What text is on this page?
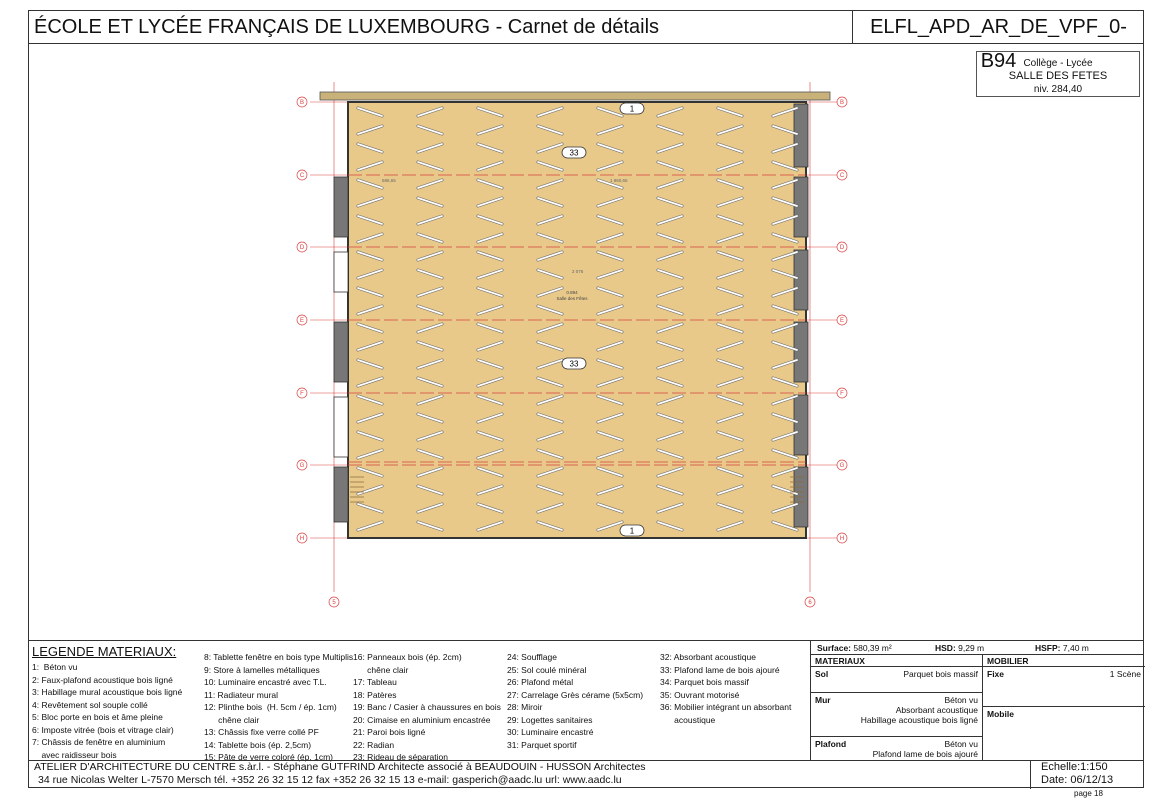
ÉCOLE ET LYCÉE FRANÇAIS DE LUXEMBOURG - Carnet de détails	ELFL_APD_AR_DE_VPF_0-B94 Collège - Lycée
SALLE DES FETES
niv. 284,40
586,65	1 860,65
2 076
0.894
Salle des Fêtes
1
33
33
1
B	B
C	C
D	D
E	E
F	F
G	G
H	H
5	6
LEGENDE MATERIAUX:
1:  Béton vu
2: Faux-plafond acoustique bois ligné
3: Habillage mural acoustique bois ligné
4: Revêtement sol souple collé
5: Bloc porte en bois et âme pleine
6: Imposte vitrée (bois et vitrage clair)
7: Châssis de fenêtre en aluminium
avec raidisseur bois
8: Tablette fenêtre en bois type Multiplis
9: Store à lamelles métalliques
10: Luminaire encastré avec T.L.
11: Radiateur mural
12: Plinthe bois  (H. 5cm / ép. 1cm)
chêne clair
13: Châssis fixe verre collé PF
14: Tablette bois (ép. 2,5cm)
15: Pâte de verre coloré (ép. 1cm)
16: Panneaux bois (ép. 2cm)
chêne clair
17: Tableau
18: Patères
19: Banc / Casier à chaussures en bois
20: Cimaise en aluminium encastrée
21: Paroi bois ligné
22: Radian
23: Rideau de séparation
24: Soufflage
25: Sol coulé minéral
26: Plafond métal
27: Carrelage Grès cérame (5x5cm)
28: Miroir
29: Logettes sanitaires
30: Luminaire encastré
31: Parquet sportif
32: Absorbant acoustique
33: Plafond lame de bois ajouré
34: Parquet bois massif
35: Ouvrant motorisé
36: Mobilier intégrant un absorbant
acoustique
Surface: 580,39 m²	HSD: 9,29 m	HSFP: 7,40 m
MATERIAUX
Sol	Parquet bois massif
Mur	Béton vu
Absorbant acoustique
Habillage acoustique bois ligné
Plafond	Béton vu
Plafond lame de bois ajouré
MOBILIER
Fixe	1 Scène
Mobile
ATELIER D'ARCHITECTURE DU CENTRE s.àr.l. - Stéphane GUTFRIND Architecte associé à BEAUDOUIN - HUSSON Architectes
34 rue Nicolas Welter L-7570 Mersch tél. +352 26 32 15 12 fax +352 26 32 15 13 e-mail: gasperich@aadc.lu url: www.aadc.lu
Echelle:1:150
Date: 06/12/13
page 18
